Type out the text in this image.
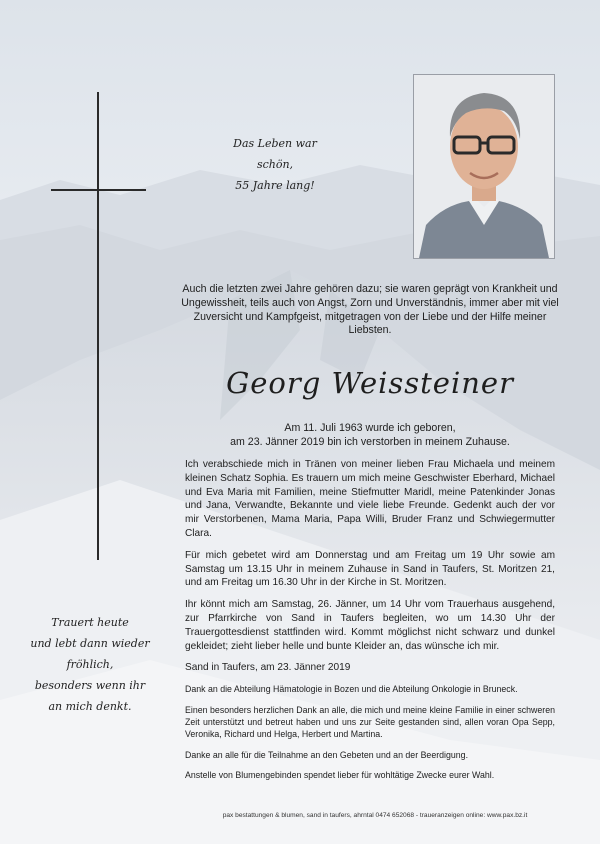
Das Leben war schön,
55 Jahre lang!
Auch die letzten zwei Jahre gehören dazu; sie waren geprägt von Krankheit und Ungewissheit, teils auch von Angst, Zorn und Unverständnis, immer aber mit viel Zuversicht und Kampfgeist, mitgetragen von der Liebe und der Hilfe meiner Liebsten.
Georg Weissteiner
Am 11. Juli 1963 wurde ich geboren,
am 23. Jänner 2019 bin ich verstorben in meinem Zuhause.
Trauert heute
und lebt dann wieder fröhlich,
besonders wenn ihr
an mich denkt.

Ich verabschiede mich in Tränen von meiner lieben Frau Michaela und meinem kleinen Schatz Sophia. Es trauern um mich meine Geschwister Eberhard, Michael und Eva Maria mit Familien, meine Stiefmutter Maridl, meine Patenkinder Jonas und Jana, Verwandte, Bekannte und viele liebe Freunde. Gedenkt auch der vor mir Verstorbenen, Mama Maria, Papa Willi, Bruder Franz und Schwiegermutter Clara.

Für mich gebetet wird am Donnerstag und am Freitag um 19 Uhr sowie am Samstag um 13.15 Uhr in meinem Zuhause in Sand in Taufers, St. Moritzen 21, und am Freitag um 16.30 Uhr in der Kirche in St. Moritzen.

Ihr könnt mich am Samstag, 26. Jänner, um 14 Uhr vom Trauerhaus ausgehend, zur Pfarrkirche von Sand in Taufers begleiten, wo um 14.30 Uhr der Trauergottesdienst stattfinden wird. Kommt möglichst nicht schwarz und dunkel gekleidet; zieht lieber helle und bunte Kleider an, das wünsche ich mir.

Sand in Taufers, am 23. Jänner 2019

Dank an die Abteilung Hämatologie in Bozen und die Abteilung Onkologie in Bruneck.

Einen besonders herzlichen Dank an alle, die mich und meine kleine Familie in einer schweren Zeit unterstützt und betreut haben und uns zur Seite gestanden sind, allen voran Opa Sepp, Veronika, Richard und Helga, Herbert und Martina.

Danke an alle für die Teilnahme an den Gebeten und an der Beerdigung.

Anstelle von Blumengebinden spendet lieber für wohltätige Zwecke eurer Wahl.

pax bestattungen & blumen, sand in taufers, ahrntal 0474 652068 - traueranzeigen online: www.pax.bz.it
